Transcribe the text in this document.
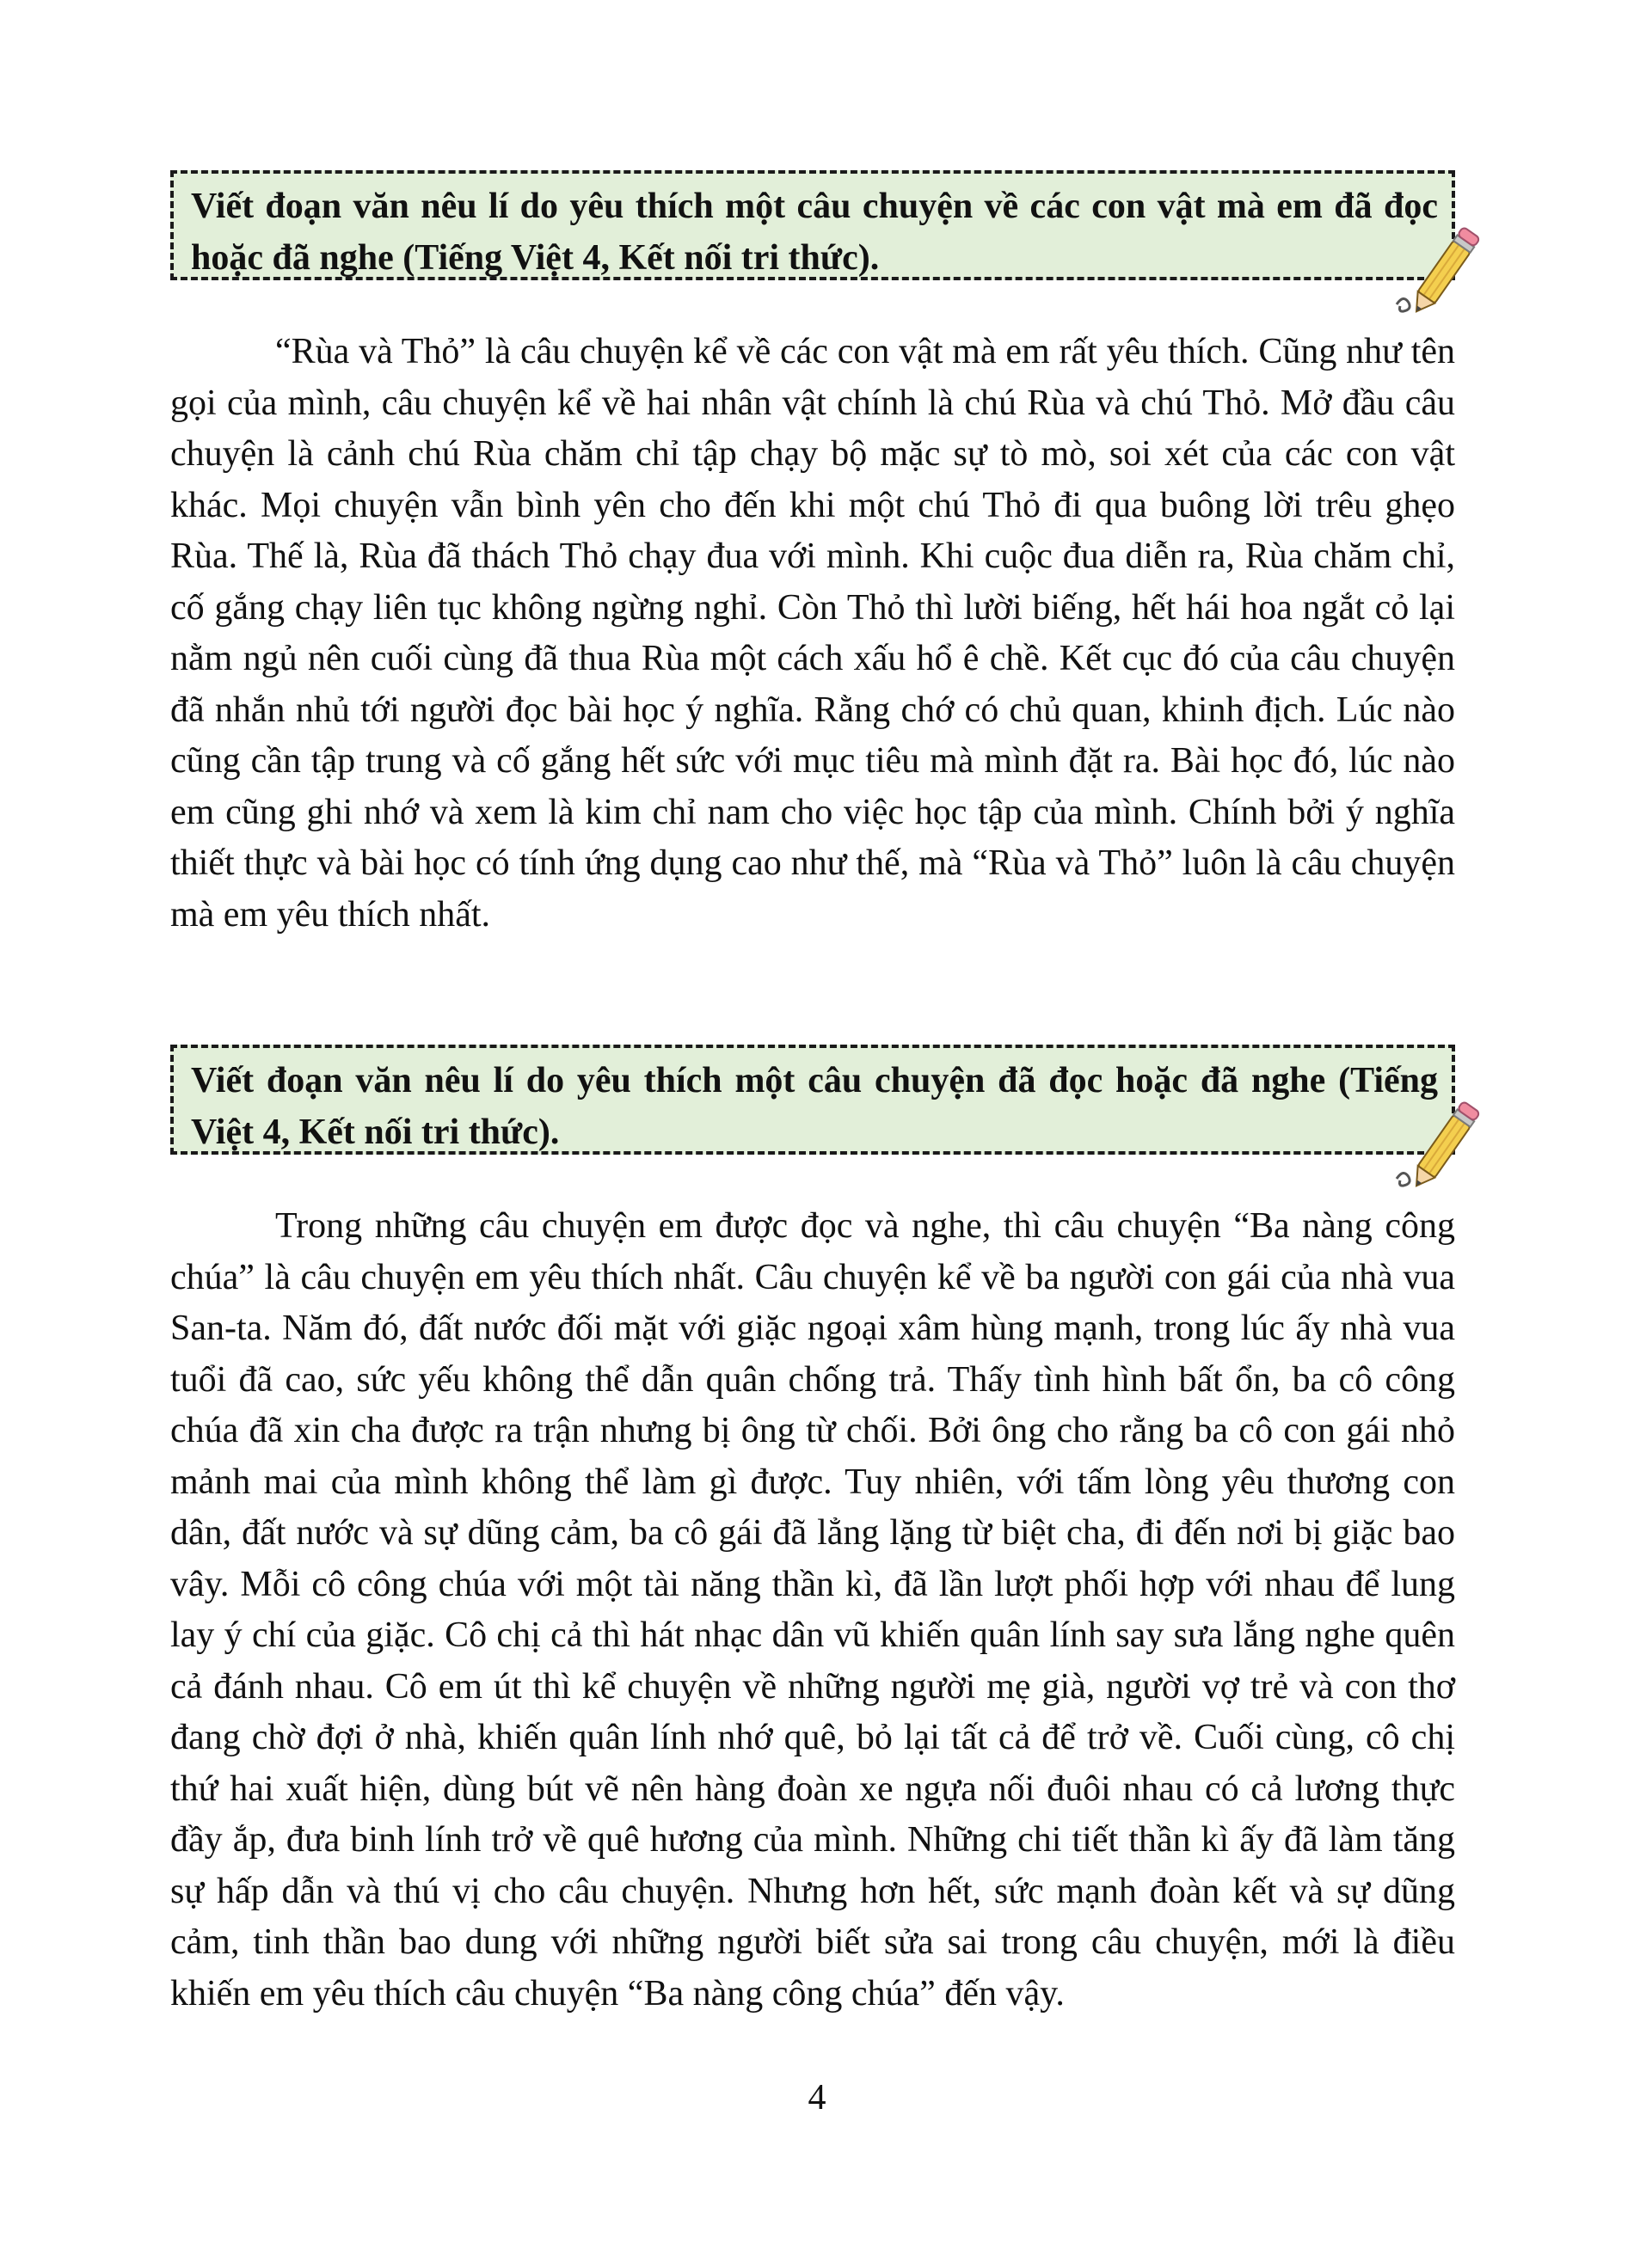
Viết đoạn văn nêu lí do yêu thích một câu chuyện về các con vật mà em đã đọc hoặc đã nghe (Tiếng Việt 4, Kết nối tri thức).

“Rùa và Thỏ” là câu chuyện kể về các con vật mà em rất yêu thích. Cũng như tên gọi của mình, câu chuyện kể về hai nhân vật chính là chú Rùa và chú Thỏ. Mở đầu câu chuyện là cảnh chú Rùa chăm chỉ tập chạy bộ mặc sự tò mò, soi xét của các con vật khác. Mọi chuyện vẫn bình yên cho đến khi một chú Thỏ đi qua buông lời trêu ghẹo Rùa. Thế là, Rùa đã thách Thỏ chạy đua với mình. Khi cuộc đua diễn ra, Rùa chăm chỉ, cố gắng chạy liên tục không ngừng nghỉ. Còn Thỏ thì lười biếng, hết hái hoa ngắt cỏ lại nằm ngủ nên cuối cùng đã thua Rùa một cách xấu hổ ê chề. Kết cục đó của câu chuyện đã nhắn nhủ tới người đọc bài học ý nghĩa. Rằng chớ có chủ quan, khinh địch. Lúc nào cũng cần tập trung và cố gắng hết sức với mục tiêu mà mình đặt ra. Bài học đó, lúc nào em cũng ghi nhớ và xem là kim chỉ nam cho việc học tập của mình. Chính bởi ý nghĩa thiết thực và bài học có tính ứng dụng cao như thế, mà “Rùa và Thỏ” luôn là câu chuyện mà em yêu thích nhất.

Viết đoạn văn nêu lí do yêu thích một câu chuyện đã đọc hoặc đã nghe (Tiếng Việt 4, Kết nối tri thức).

Trong những câu chuyện em được đọc và nghe, thì câu chuyện “Ba nàng công chúa” là câu chuyện em yêu thích nhất. Câu chuyện kể về ba người con gái của nhà vua San-ta. Năm đó, đất nước đối mặt với giặc ngoại xâm hùng mạnh, trong lúc ấy nhà vua tuổi đã cao, sức yếu không thể dẫn quân chống trả. Thấy tình hình bất ổn, ba cô công chúa đã xin cha được ra trận nhưng bị ông từ chối. Bởi ông cho rằng ba cô con gái nhỏ mảnh mai của mình không thể làm gì được. Tuy nhiên, với tấm lòng yêu thương con dân, đất nước và sự dũng cảm, ba cô gái đã lẳng lặng từ biệt cha, đi đến nơi bị giặc bao vây. Mỗi cô công chúa với một tài năng thần kì, đã lần lượt phối hợp với nhau để lung lay ý chí của giặc. Cô chị cả thì hát nhạc dân vũ khiến quân lính say sưa lắng nghe quên cả đánh nhau. Cô em út thì kể chuyện về những người mẹ già, người vợ trẻ và con thơ đang chờ đợi ở nhà, khiến quân lính nhớ quê, bỏ lại tất cả để trở về. Cuối cùng, cô chị thứ hai xuất hiện, dùng bút vẽ nên hàng đoàn xe ngựa nối đuôi nhau có cả lương thực đầy ắp, đưa binh lính trở về quê hương của mình. Những chi tiết thần kì ấy đã làm tăng sự hấp dẫn và thú vị cho câu chuyện. Nhưng hơn hết, sức mạnh đoàn kết và sự dũng cảm, tinh thần bao dung với những người biết sửa sai trong câu chuyện, mới là điều khiến em yêu thích câu chuyện “Ba nàng công chúa” đến vậy.

4
